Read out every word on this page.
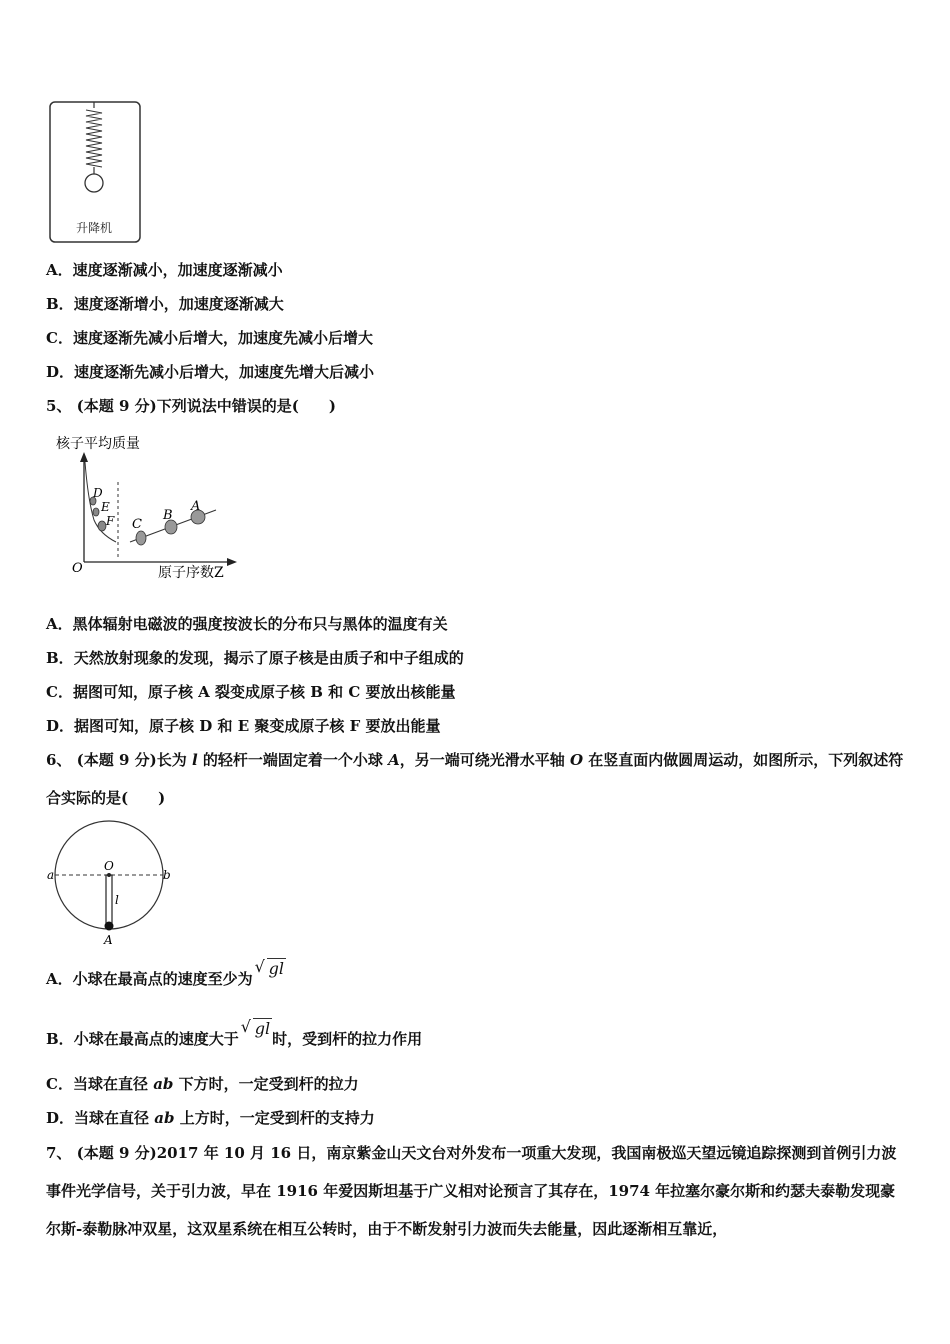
升降机
A．速度逐渐减小，加速度逐渐减小
B．速度逐渐增小，加速度逐渐减大
C．速度逐渐先减小后增大，加速度先减小后增大
D．速度逐渐先减小后增大，加速度先增大后减小
5、 (本题 9 分)下列说法中错误的是(　　)
核子平均质量
O	原子序数Z
D
E
F C
B
A
A．黑体辐射电磁波的强度按波长的分布只与黑体的温度有关
B．天然放射现象的发现，揭示了原子核是由质子和中子组成的
C．据图可知，原子核 A 裂变成原子核 B 和 C 要放出核能量
D．据图可知，原子核 D 和 E 聚变成原子核 F 要放出能量
6、 (本题 9 分)长为 l 的轻杆一端固定着一个小球 A，另一端可绕光滑水平轴 O 在竖直面内做圆周运动，如图所示，下列叙述符合实际的是(　　)
O
a	b
l
A
A．小球在最高点的速度至少为
√ gl
B．小球在最高点的速度大于
√ gl时，受到杆的拉力作用
C．当球在直径 ab 下方时，一定受到杆的拉力
D．当球在直径 ab 上方时，一定受到杆的支持力
7、 (本题 9 分)2017 年 10 月 16 日，南京紫金山天文台对外发布一项重大发现，我国南极巡天望远镜追踪探测到首例引力波事件光学信号，关于引力波，早在 1916 年爱因斯坦基于广义相对论预言了其存在，1974 年拉塞尔豪尔斯和约瑟夫泰勒发现豪尔斯-泰勒脉冲双星，这双星系统在相互公转时，由于不断发射引力波而失去能量，因此逐渐相互靠近，
